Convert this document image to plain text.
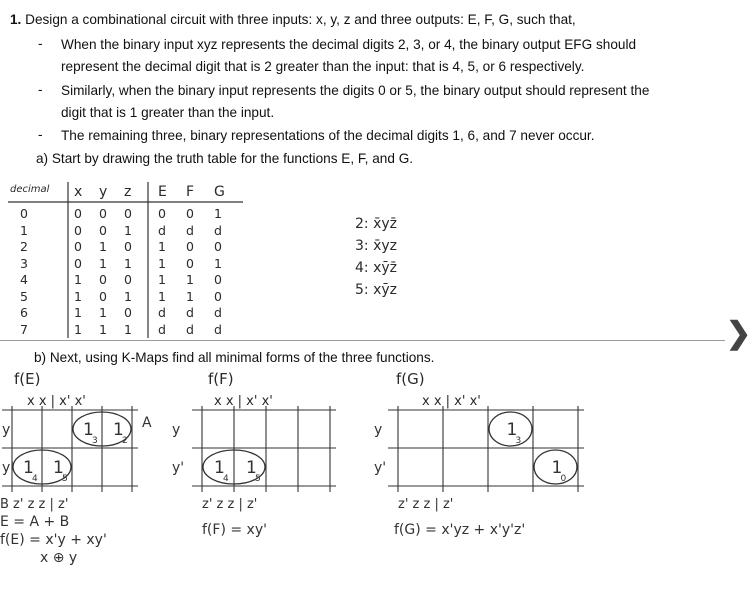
1. Design a combinational circuit with three inputs: x, y, z and three outputs: E, F, G, such that,
- When the binary input xyz represents the decimal digits 2, 3, or 4, the binary output EFG should
represent the decimal digit that is 2 greater than the input: that is 4, 5, or 6 respectively.
- Similarly, when the binary input represents the digits 0 or 5, the binary output should represent the
digit that is 1 greater than the input.
- The remaining three, binary representations of the decimal digits 1, 6, and 7 never occur.
a) Start by drawing the truth table for the functions E, F, and G.
decimal x y z E F G
0	0 0 0 0 0 1
1	0 0 1 d d d
2	0 1 0 1 0 0
3	0 1 1 1 0 1
4	1 0 0 1 1 0
5	1 0 1 1 1 0
6	1 1 0 d d d
7	1 1 1 d d d
2: x̄yz̄
3: x̄yz
4: xȳz̄
5: xȳz
❯
b) Next, using K-Maps find all minimal forms of the three functions.
f(E)
x x | x' x'
y
y'
1
3
1
2
1
4
1
5
A
B z' z z | z'
E = A + B
f(E) = x'y + xy'
x ⊕ y
f(F)
x x | x' x'
y
y' 1
4
1
5
z' z z | z'
f(F) = xy'
f(G)
x x | x' x'
y
y'
1
3
1
0
z' z z | z'
f(G) = x'yz + x'y'z'
